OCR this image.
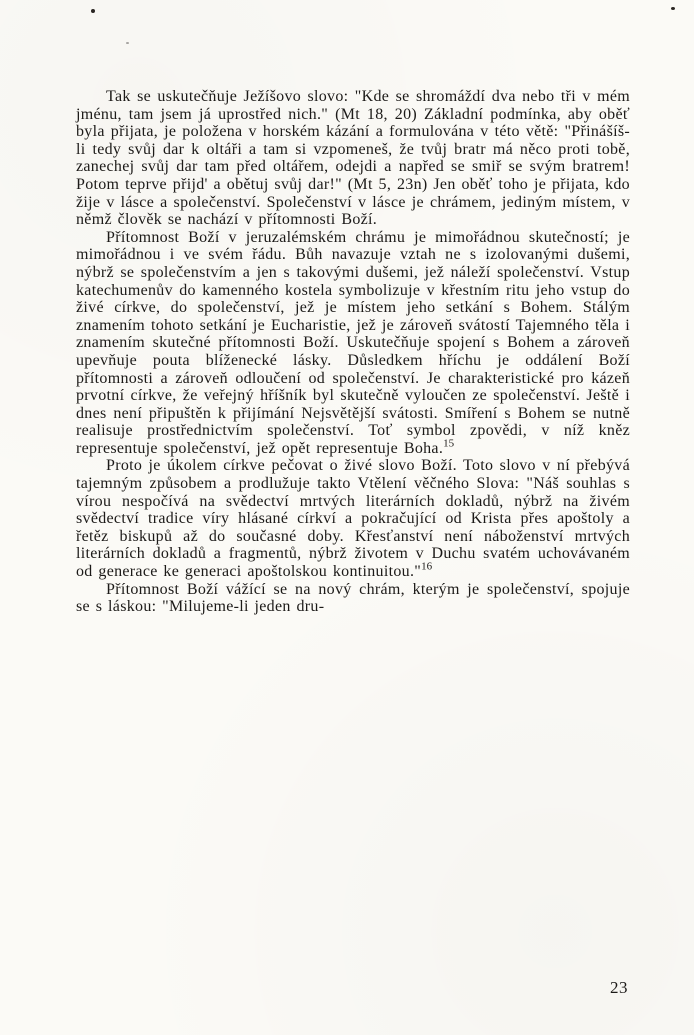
Tak se uskutečňuje Ježíšovo slovo: "Kde se shromáždí dva nebo tři v mém jménu, tam jsem já uprostřed nich." (Mt 18, 20) Základní podmínka, aby oběť byla přijata, je položena v horském kázání a formulována v této větě: "Přinášíš-li tedy svůj dar k oltáři a tam si vzpomeneš, že tvůj bratr má něco proti tobě, zanechej svůj dar tam před oltářem, odejdi a napřed se smiř se svým bratrem! Potom teprve přijd' a obětuj svůj dar!" (Mt 5, 23n) Jen oběť toho je přijata, kdo žije v lásce a společenství. Společenství v lásce je chrámem, jediným místem, v němž člověk se nachází v přítomnosti Boží.

Přítomnost Boží v jeruzalémském chrámu je mimořádnou skutečností; je mimořádnou i ve svém řádu. Bůh navazuje vztah ne s izolovanými dušemi, nýbrž se společenstvím a jen s takovými dušemi, jež náleží společenství. Vstup katechumenův do kamenného kostela symbolizuje v křestním ritu jeho vstup do živé církve, do společenství, jež je místem jeho setkání s Bohem. Stálým znamením tohoto setkání je Eucharistie, jež je zároveň svátostí Tajemného těla i znamením skutečné přítomnosti Boží. Uskutečňuje spojení s Bohem a zároveň upevňuje pouta blíženecké lásky. Důsledkem hříchu je oddálení Boží přítomnosti a zároveň odloučení od společenství. Je charakteristické pro kázeň prvotní církve, že veřejný hříšník byl skutečně vyloučen ze společenství. Ještě i dnes není připuštěn k přijímání Nejsvětější svátosti. Smíření s Bohem se nutně realisuje prostřednictvím společenství. Toť symbol zpovědi, v níž kněz representuje společenství, jež opět representuje Boha.$^{15}$

Proto je úkolem církve pečovat o živé slovo Boží. Toto slovo v ní přebývá tajemným způsobem a prodlužuje takto Vtělení věčného Slova: "Náš souhlas s vírou nespočívá na svědectví mrtvých literárních dokladů, nýbrž na živém svědectví tradice víry hlásané církví a pokračující od Krista přes apoštoly a řetěz biskupů až do současné doby. Křesťanství není náboženství mrtvých literárních dokladů a fragmentů, nýbrž životem v Duchu svatém uchovávaném od generace ke generaci apoštolskou kontinuitou."$^{16}$

Přítomnost Boží vážící se na nový chrám, kterým je společenství, spojuje se s láskou: "Milujeme-li jeden dru-

23
